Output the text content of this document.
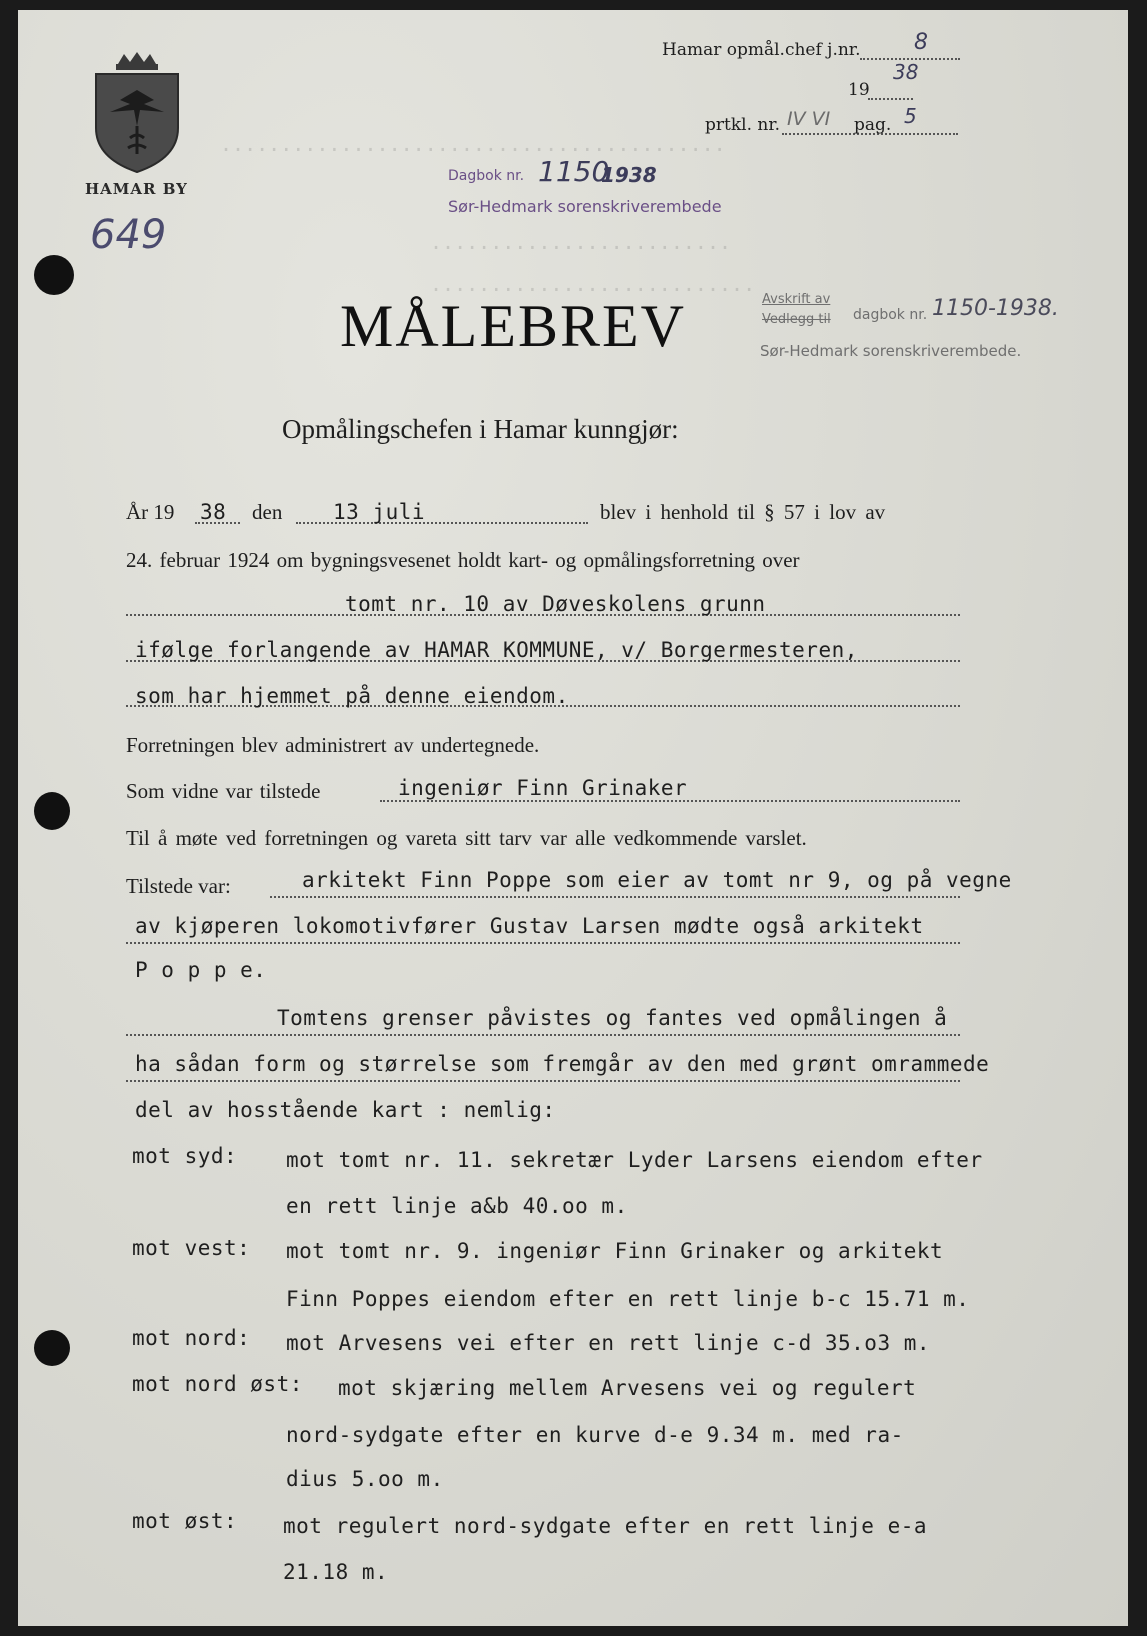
..........................................
.........................
...........................
HAMAR BY
649
Hamar opmål.chef j.nr. 8
19
38
prtkl. nr. IV VI pag. 5
Dagbok nr. 1150
1938
Sør-Hedmark sorenskriverembede
MÅLEBREV	Avskrift av
Vedlegg til dagbok nr. 1150-1938.
Sør-Hedmark sorenskriverembede.
Opmålingschefen i Hamar kunngjør:
År 19 38 den 13 juli	blev i henhold til § 57 i lov av
24. februar 1924 om bygningsvesenet holdt kart- og opmålingsforretning over
tomt nr. 10 av Døveskolens grunn
ifølge forlangende av HAMAR KOMMUNE, v/ Borgermesteren,
som har hjemmet på denne eiendom.
Forretningen blev administrert av undertegnede.
Som vidne var tilstede	ingeniør Finn Grinaker
Til å møte ved forretningen og vareta sitt tarv var alle vedkommende varslet.
Tilstede var:	arkitekt Finn Poppe som eier av tomt nr 9, og på vegne
av kjøperen lokomotivfører Gustav Larsen mødte også arkitekt
P o p p e.
Tomtens grenser påvistes og fantes ved opmålingen å
ha sådan form og størrelse som fremgår av den med grønt omrammede
del av hosstående kart : nemlig:
mot syd: mot tomt nr. 11. sekretær Lyder Larsens eiendom efter
en rett linje a&b 40.oo m.
mot vest: mot tomt nr. 9. ingeniør Finn Grinaker og arkitekt
Finn Poppes eiendom efter en rett linje b-c 15.71 m.
mot nord: mot Arvesens vei efter en rett linje c-d 35.o3 m.
mot nord øst: mot skjæring mellem Arvesens vei og regulert
nord-sydgate efter en kurve d-e 9.34 m. med ra-
dius 5.oo m.
mot øst: mot regulert nord-sydgate efter en rett linje e-a
21.18 m.
